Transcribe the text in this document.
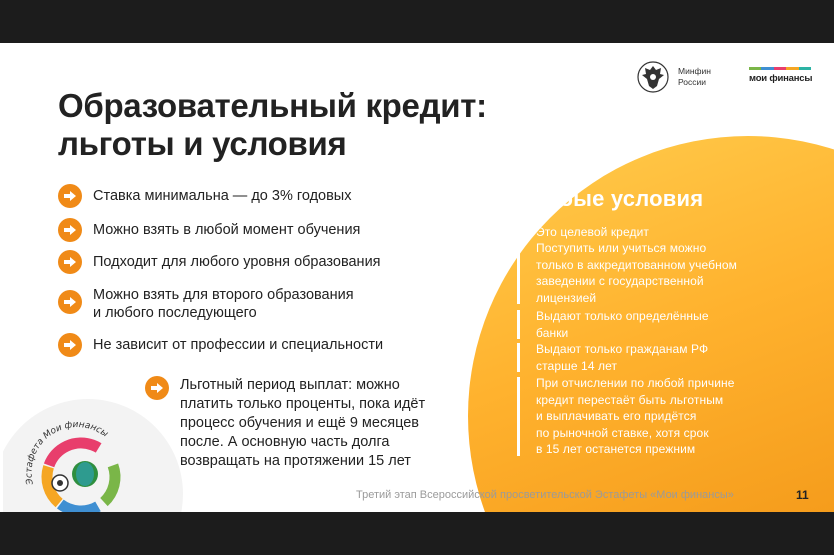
Минфин
России	мои финансы
Образовательный кредит:
льготы и условия
Ставка минимальна — до 3% годовых
Можно взять в любой момент обучения
Подходит для любого уровня образования
Можно взять для второго образования
и любого последующего
Не зависит от профессии и специальности
Льготный период выплат: можно
платить только проценты, пока идёт
процесс обучения и ещё 9 месяцев
после. А основную часть долга
возвращать на протяжении 15 лет
Особые условия
Это целевой кредит
Поступить или учиться можно
только в аккредитованном учебном
заведении с государственной
лицензией
Выдают только определённые
банки
Выдают только гражданам РФ
старше 14 лет
При отчислении по любой причине
кредит перестаёт быть льготным
и выплачивать его придётся
по рыночной ставке, хотя срок
в 15 лет останется прежним
Эстафета Мои финансы
Третий этап Всероссийской просветительской Эстафеты «Мои финансы»	11
